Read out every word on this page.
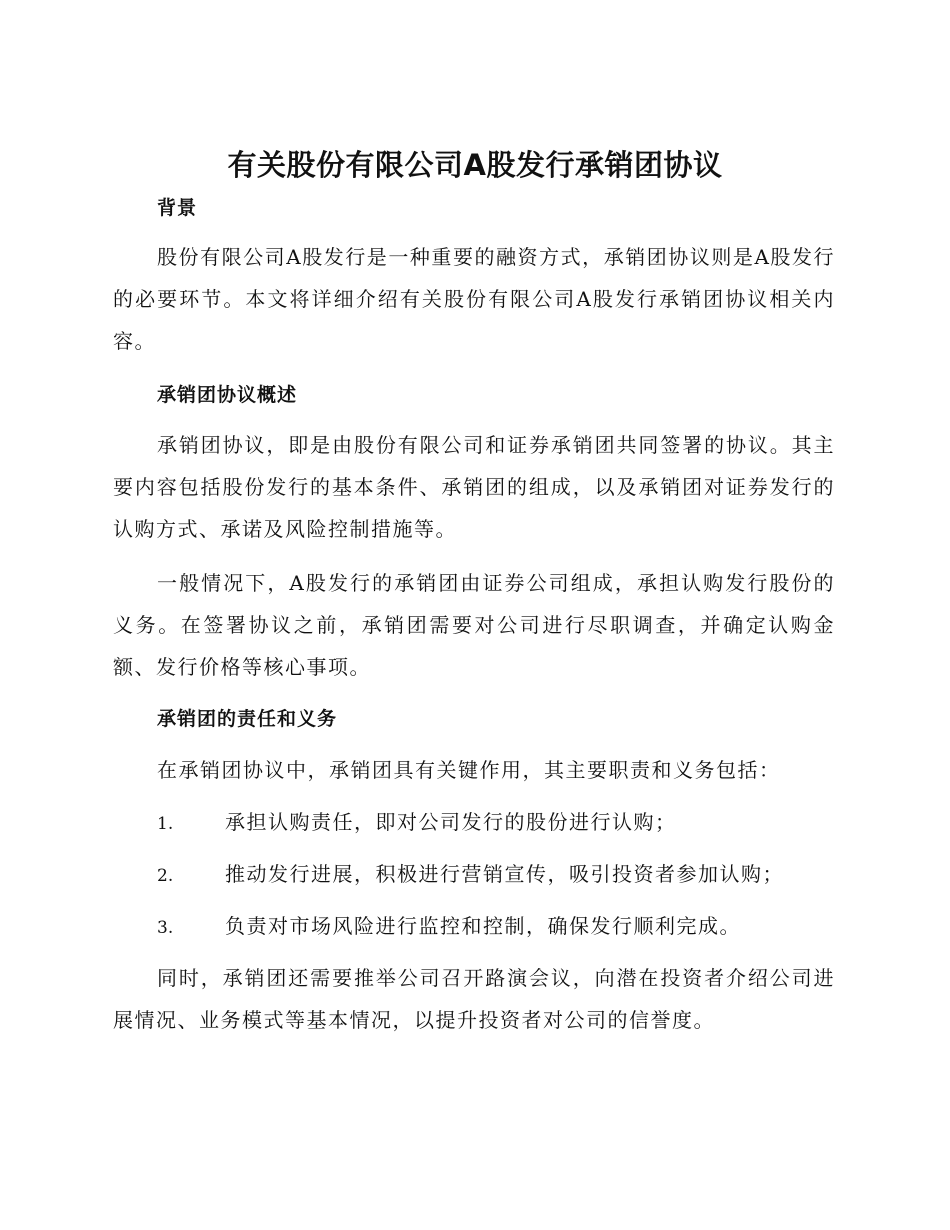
有关股份有限公司A股发行承销团协议
背景

股份有限公司A股发行是一种重要的融资方式，承销团协议则是A股发行的必要环节。本文将详细介绍有关股份有限公司A股发行承销团协议相关内容。

承销团协议概述

承销团协议，即是由股份有限公司和证券承销团共同签署的协议。其主要内容包括股份发行的基本条件、承销团的组成，以及承销团对证券发行的认购方式、承诺及风险控制措施等。

一般情况下，A股发行的承销团由证券公司组成，承担认购发行股份的义务。在签署协议之前，承销团需要对公司进行尽职调查，并确定认购金额、发行价格等核心事项。

承销团的责任和义务

在承销团协议中，承销团具有关键作用，其主要职责和义务包括：

1.	承担认购责任，即对公司发行的股份进行认购；
2.	推动发行进展，积极进行营销宣传，吸引投资者参加认购；
3.	负责对市场风险进行监控和控制，确保发行顺利完成。

同时，承销团还需要推举公司召开路演会议，向潜在投资者介绍公司进展情况、业务模式等基本情况，以提升投资者对公司的信誉度。
